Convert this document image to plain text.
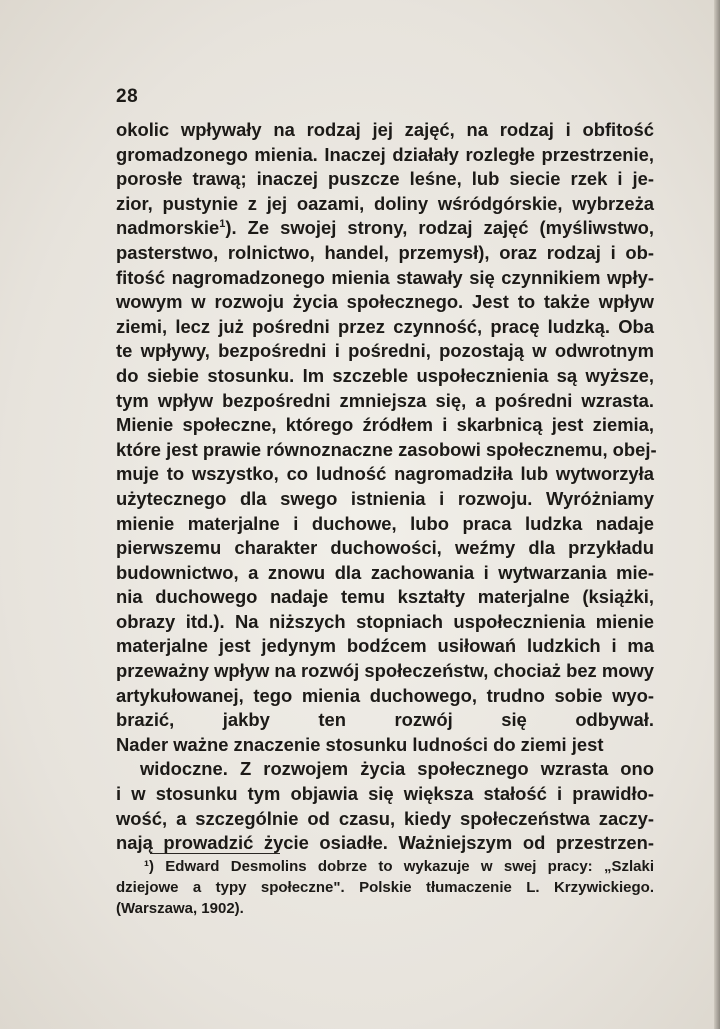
28
okolic wpływały na rodzaj jej zajęć, na rodzaj i obfitość
gromadzonego mienia. Inaczej działały rozległe przestrzenie,
porosłe trawą; inaczej puszcze leśne, lub siecie rzek i je-
zior, pustynie z jej oazami, doliny wśródgórskie, wybrzeża
nadmorskie$^1$). Ze swojej strony, rodzaj zajęć (myśliwstwo,
pasterstwo, rolnictwo, handel, przemysł), oraz rodzaj i ob-
fitość nagromadzonego mienia stawały się czynnikiem wpły-
wowym w rozwoju życia społecznego. Jest to także wpływ
ziemi, lecz już pośredni przez czynność, pracę ludzką. Oba
te wpływy, bezpośredni i pośredni, pozostają w odwrotnym
do siebie stosunku. Im szczeble uspołecznienia są wyższe,
tym wpływ bezpośredni zmniejsza się, a pośredni wzrasta.
Mienie społeczne, którego źródłem i skarbnicą jest ziemia,
które jest prawie równoznaczne zasobowi społecznemu, obej-
muje to wszystko, co ludność nagromadziła lub wytworzyła
użytecznego dla swego istnienia i rozwoju. Wyróżniamy
mienie materjalne i duchowe, lubo praca ludzka nadaje
pierwszemu charakter duchowości, weźmy dla przykładu
budownictwo, a znowu dla zachowania i wytwarzania mie-
nia duchowego nadaje temu kształty materjalne (książki,
obrazy itd.). Na niższych stopniach uspołecznienia mienie
materjalne jest jedynym bodźcem usiłowań ludzkich i ma
przeważny wpływ na rozwój społeczeństw, chociaż bez mowy
artykułowanej, tego mienia duchowego, trudno sobie wyo-
brazić, jakby ten rozwój się odbywał.
Nader ważne znaczenie stosunku ludności do ziemi jest
widoczne. Z rozwojem życia społecznego wzrasta ono
i w stosunku tym objawia się większa stałość i prawidło-
wość, a szczególnie od czasu, kiedy społeczeństwa zaczy-
nają prowadzić życie osiadłe. Ważniejszym od przestrzen-
¹) Edward Desmolins dobrze to wykazuje w swej pracy: „Szlaki
dziejowe a typy społeczne". Polskie tłumaczenie L. Krzywickiego.
(Warszawa, 1902).
